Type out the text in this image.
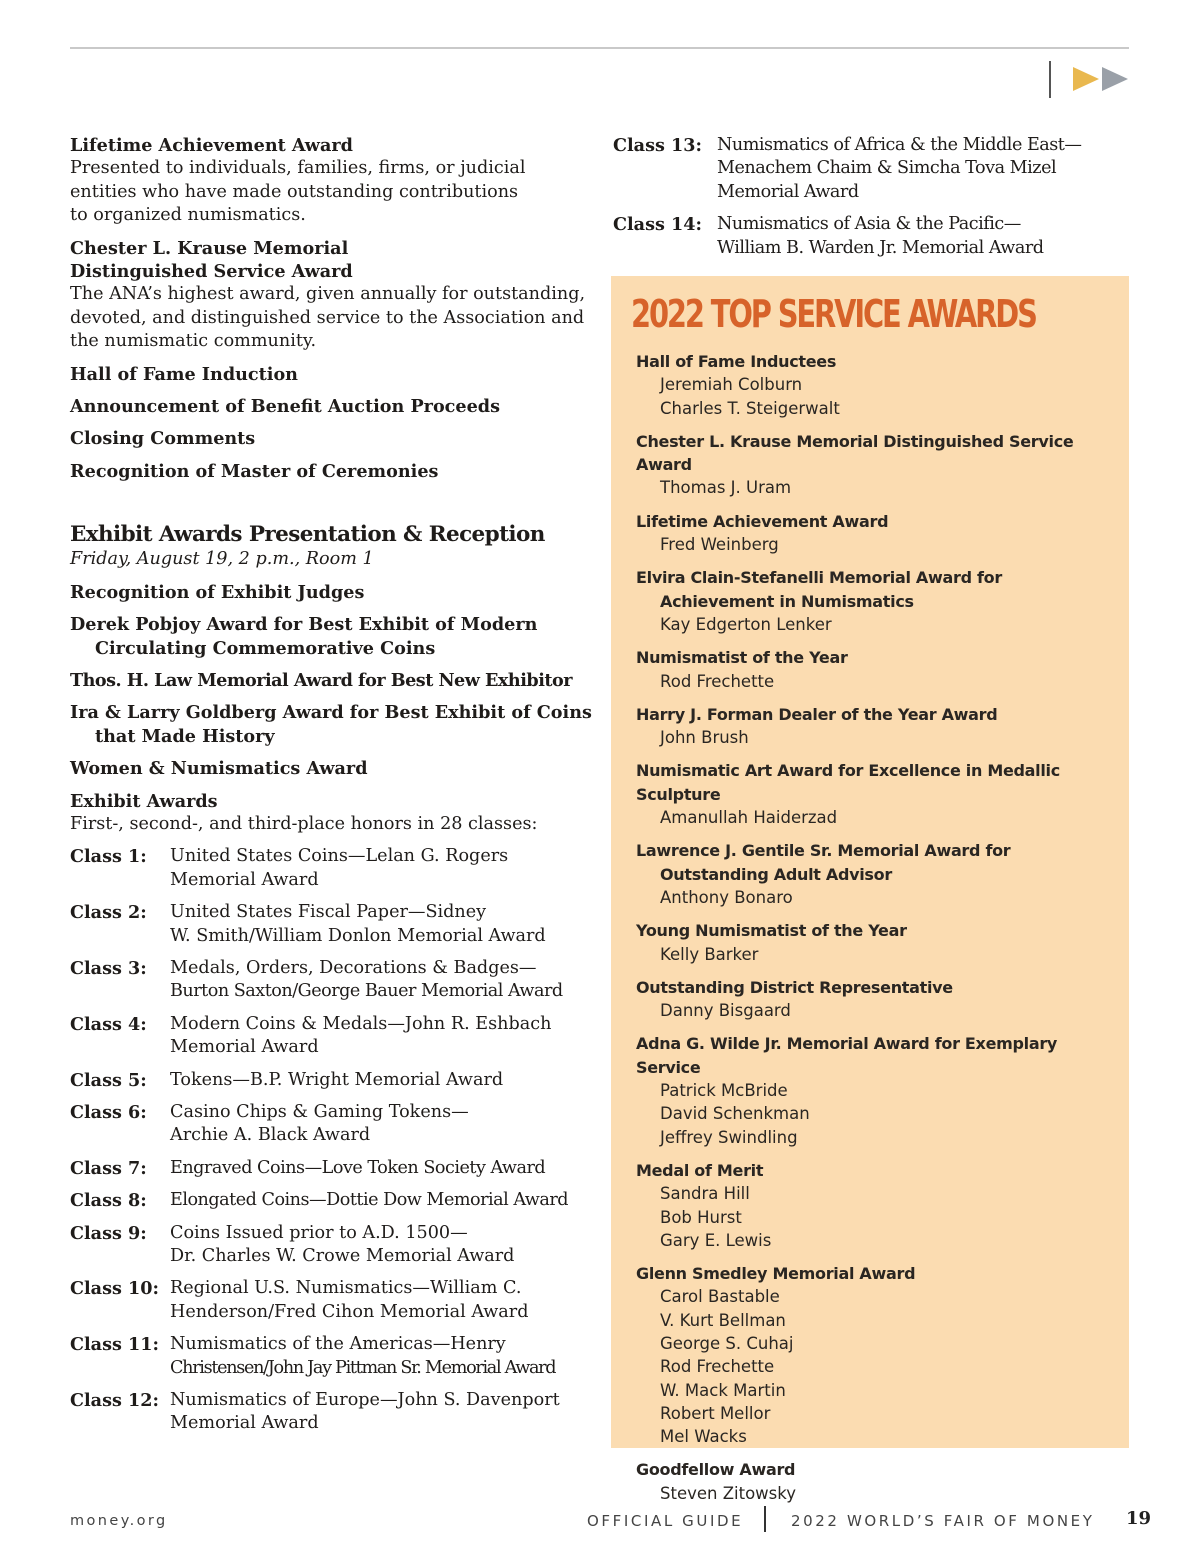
Lifetime Achievement Award
Presented to individuals, families, firms, or judicial
entities who have made outstanding contributions
to organized numismatics.
Chester L. Krause Memorial
Distinguished Service Award
The ANA’s highest award, given annually for outstanding,
devoted, and distinguished service to the Association and
the numismatic community.
Hall of Fame Induction
Announcement of Benefit Auction Proceeds
Closing Comments
Recognition of Master of Ceremonies
Exhibit Awards Presentation & Reception
Friday, August 19, 2 p.m., Room 1
Recognition of Exhibit Judges
Derek Pobjoy Award for Best Exhibit of Modern
Circulating Commemorative Coins
Thos. H. Law Memorial Award for Best New Exhibitor
Ira & Larry Goldberg Award for Best Exhibit of Coins
that Made History
Women & Numismatics Award
Exhibit Awards
First-, second-, and third-place honors in 28 classes:
Class 1:	United States Coins—Lelan G. Rogers
Memorial Award
Class 2:	United States Fiscal Paper—Sidney
W. Smith/William Donlon Memorial Award
Class 3:	Medals, Orders, Decorations & Badges—
Burton Saxton/George Bauer Memorial Award
Class 4:	Modern Coins & Medals—John R. Eshbach
Memorial Award
Class 5:	Tokens—B.P. Wright Memorial Award
Class 6:	Casino Chips & Gaming Tokens—
Archie A. Black Award
Class 7:	Engraved Coins—Love Token Society Award
Class 8:	Elongated Coins—Dottie Dow Memorial Award
Class 9:	Coins Issued prior to A.D. 1500—
Dr. Charles W. Crowe Memorial Award
Class 10: Regional U.S. Numismatics—William C.
Henderson/Fred Cihon Memorial Award
Class 11: Numismatics of the Americas—Henry
Christensen/John Jay Pittman Sr. Memorial Award
Class 12: Numismatics of Europe—John S. Davenport
Memorial Award
Class 13: Numismatics of Africa & the Middle East—
Menachem Chaim & Simcha Tova Mizel
Memorial Award
Class 14: Numismatics of Asia & the Pacific—
William B. Warden Jr. Memorial Award
2022 TOP SERVICE AWARDS
Hall of Fame Inductees
Jeremiah Colburn
Charles T. Steigerwalt
Chester L. Krause Memorial Distinguished Service Award
Thomas J. Uram
Lifetime Achievement Award
Fred Weinberg
Elvira Clain-Stefanelli Memorial Award for
Achievement in Numismatics
Kay Edgerton Lenker
Numismatist of the Year
Rod Frechette
Harry J. Forman Dealer of the Year Award
John Brush
Numismatic Art Award for Excellence in Medallic Sculpture
Amanullah Haiderzad
Lawrence J. Gentile Sr. Memorial Award for
Outstanding Adult Advisor
Anthony Bonaro
Young Numismatist of the Year
Kelly Barker
Outstanding District Representative
Danny Bisgaard
Adna G. Wilde Jr. Memorial Award for Exemplary Service
Patrick McBride
David Schenkman
Jeffrey Swindling
Medal of Merit
Sandra Hill
Bob Hurst
Gary E. Lewis
Glenn Smedley Memorial Award
Carol Bastable
V. Kurt Bellman
George S. Cuhaj
Rod Frechette
W. Mack Martin
Robert Mellor
Mel Wacks
Goodfellow Award
Steven Zitowsky
money.org	OFFICIAL GUIDE	2022 WORLD’S FAIR OF MONEY 19
